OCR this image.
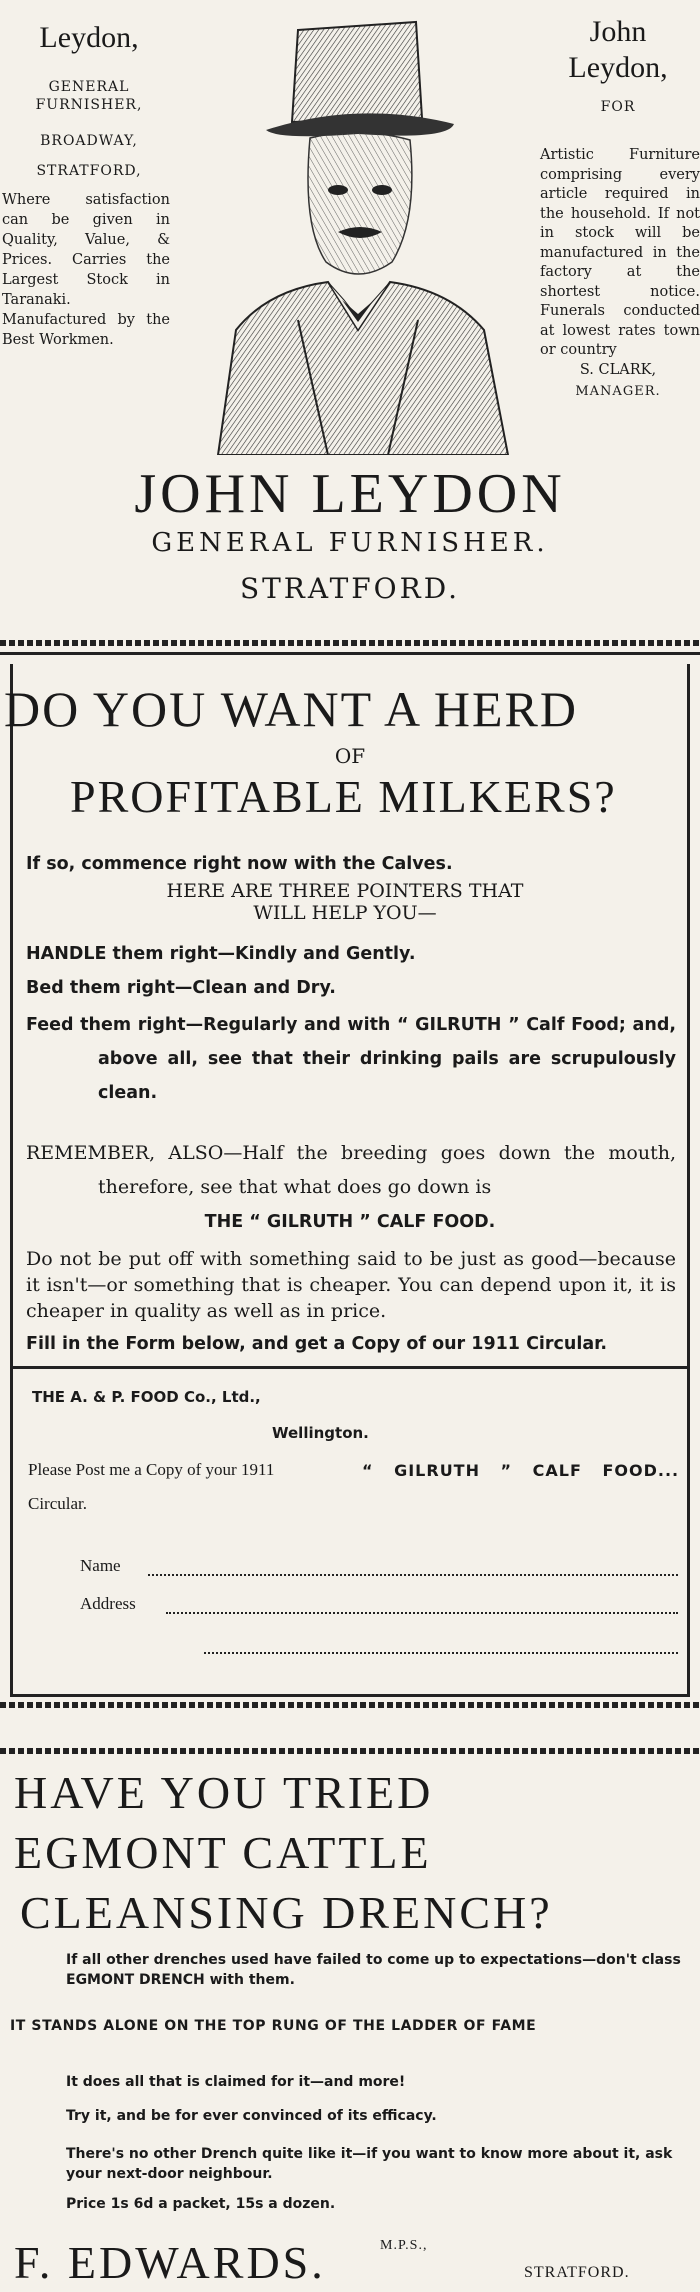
Leydon,
GENERAL FURNISHER,
BROADWAY,
STRATFORD,
Where satisfaction can be given in Quality, Value, & Prices. Carries the Largest Stock in Taranaki. Manufactured by the Best Workmen.
John
Leydon,
FOR
Artistic Furniture comprising every article required in the household. If not in stock will be manufactured in the factory at the shortest notice. Funerals conducted at lowest rates town or country
S. CLARK,
MANAGER.
JOHN LEYDON
GENERAL FURNISHER.
STRATFORD.
DO YOU WANT A HERD
OF
PROFITABLE MILKERS?
If so, commence right now with the Calves.
HERE ARE THREE POINTERS THAT WILL HELP YOU—
HANDLE them right—Kindly and Gently.
Bed them right—Clean and Dry.
Feed them right—Regularly and with “ GILRUTH ” Calf Food; and, above all, see that their drinking pails are scrupulously clean.
REMEMBER, ALSO—Half the breeding goes down the mouth, therefore, see that what does go down is
THE “ GILRUTH ” CALF FOOD.
Do not be put off with something said to be just as good—because it isn't—or something that is cheaper. You can depend upon it, it is cheaper in quality as well as in price.
Fill in the Form below, and get a Copy of our 1911 Circular.
THE A. & P. FOOD Co., Ltd.,
Wellington.
Please Post me a Copy of your 1911	“ GILRUTH ” CALF FOOD...
Circular.
Name
Address
HAVE YOU TRIED
EGMONT CATTLE
CLEANSING DRENCH?
If all other drenches used have failed to come up to expectations—don't class EGMONT DRENCH with them.
IT STANDS ALONE ON THE TOP RUNG OF THE LADDER OF FAME
It does all that is claimed for it—and more!
Try it, and be for ever convinced of its efficacy.
There's no other Drench quite like it—if you want to know more about it, ask your next-door neighbour.
Price 1s 6d a packet, 15s a dozen.
F. EDWARDS.	M.P.S.,
STRATFORD.
